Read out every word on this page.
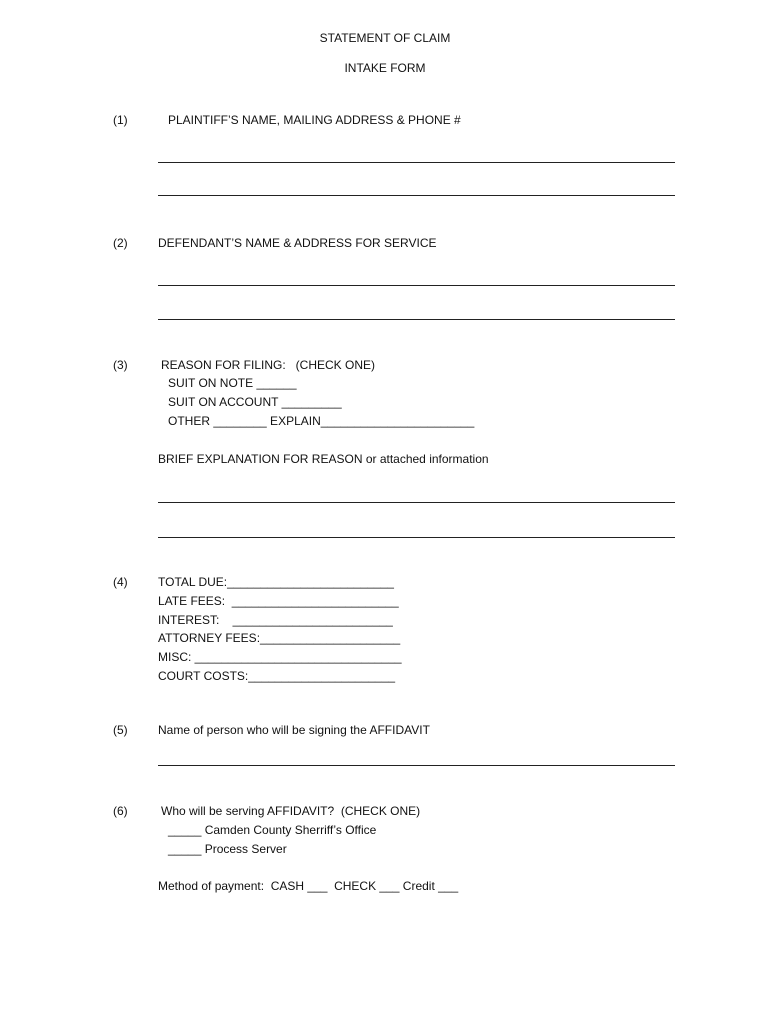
STATEMENT OF CLAIM
INTAKE FORM
(1)	PLAINTIFF’S NAME, MAILING ADDRESS & PHONE #
(2)	DEFENDANT’S NAME & ADDRESS FOR SERVICE
(3)	REASON FOR FILING:   (CHECK ONE)
SUIT ON NOTE ______
SUIT ON ACCOUNT _________
OTHER ________ EXPLAIN_______________________
BRIEF EXPLANATION FOR REASON or attached information
(4)	TOTAL DUE:_________________________
LATE FEES:  _________________________
INTEREST:    ________________________
ATTORNEY FEES:_____________________
MISC: _______________________________
COURT COSTS:______________________
(5)	Name of person who will be signing the AFFIDAVIT
(6)	Who will be serving AFFIDAVIT?  (CHECK ONE)
_____ Camden County Sherriff’s Office
_____ Process Server
Method of payment:  CASH ___  CHECK ___ Credit ___
